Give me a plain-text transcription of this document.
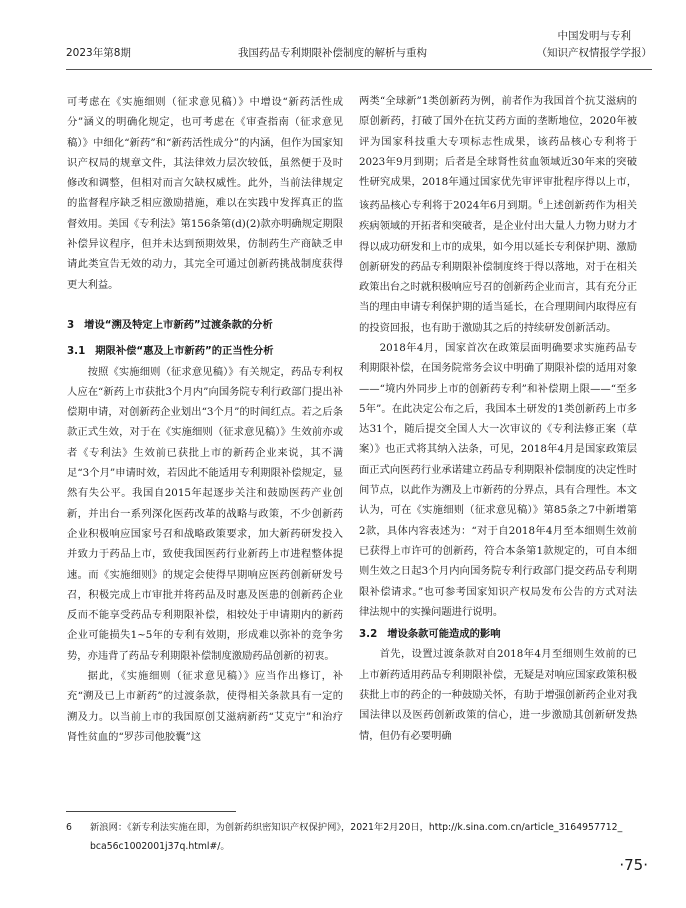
2023年第8期	我国药品专利期限补偿制度的解析与重构
中国发明与专利
（知识产权情报学学报）

可考虑在《实施细则（征求意见稿）》中增设“新药活性成分”涵义的明确化规定，也可考虑在《审查指南（征求意见稿）》中细化“新药”和“新药活性成分”的内涵，但作为国家知识产权局的规章文件，其法律效力层次较低，虽然便于及时修改和调整，但相对而言欠缺权威性。此外，当前法律规定的监督程序缺乏相应激励措施，难以在实践中发挥真正的监督效用。美国《专利法》第156条第(d)(2)款亦明确规定期限补偿异议程序，但并未达到预期效果，仿制药生产商缺乏申请此类宣告无效的动力，其完全可通过创新药挑战制度获得更大利益。

3 增设“溯及特定上市新药”过渡条款的分析

3.1 期限补偿“惠及上市新药”的正当性分析

按照《实施细则（征求意见稿）》有关规定，药品专利权人应在“新药上市获批3个月内”向国务院专利行政部门提出补偿期申请，对创新药企业划出“3个月”的时间红点。若之后条款正式生效，对于在《实施细则（征求意见稿）》生效前亦或者《专利法》生效前已获批上市的新药企业来说，其不满足“3个月”申请时效，若因此不能适用专利期限补偿规定，显然有失公平。我国自2015年起逐步关注和鼓励医药产业创新，并出台一系列深化医药改革的战略与政策，不少创新药企业积极响应国家号召和战略政策要求，加大新药研发投入并致力于药品上市，致使我国医药行业新药上市进程整体提速。而《实施细则》的规定会使得早期响应医药创新研发号召，积极完成上市审批并将药品及时惠及医患的创新药企业反而不能享受药品专利期限补偿，相较处于申请期内的新药企业可能损失1~5年的专利有效期，形成难以弥补的竞争劣势，亦违背了药品专利期限补偿制度激励药品创新的初衷。

据此，《实施细则（征求意见稿）》应当作出修订，补充“溯及已上市新药”的过渡条款，使得相关条款具有一定的溯及力。以当前上市的我国原创艾滋病新药“艾克宁”和治疗肾性贫血的“罗莎司他胶囊”这

两类“全球新”1类创新药为例，前者作为我国首个抗艾滋病的原创新药，打破了国外在抗艾药方面的垄断地位，2020年被评为国家科技重大专项标志性成果，该药品核心专利将于2023年9月到期；后者是全球肾性贫血领域近30年来的突破性研究成果，2018年通过国家优先审评审批程序得以上市，该药品核心专利将于2024年6月到期。$^6$上述创新药作为相关疾病领域的开拓者和突破者，是企业付出大量人力物力财力才得以成功研发和上市的成果，如今用以延长专利保护期、激励创新研发的药品专利期限补偿制度终于得以落地，对于在相关政策出台之时就积极响应号召的创新药企业而言，其有充分正当的理由申请专利保护期的适当延长，在合理期间内取得应有的投资回报，也有助于激励其之后的持续研发创新活动。

2018年4月，国家首次在政策层面明确要求实施药品专利期限补偿，在国务院常务会议中明确了期限补偿的适用对象——“境内外同步上市的创新药专利”和补偿期上限——“至多5年”。在此决定公布之后，我国本土研发的1类创新药上市多达31个，随后提交全国人大一次审议的《专利法修正案（草案）》也正式将其纳入法条，可见，2018年4月是国家政策层面正式向医药行业承诺建立药品专利期限补偿制度的决定性时间节点，以此作为溯及上市新药的分界点，具有合理性。本文认为，可在《实施细则（征求意见稿）》第85条之7中新增第2款，具体内容表述为：“对于自2018年4月至本细则生效前已获得上市许可的创新药，符合本条第1款规定的，可自本细则生效之日起3个月内向国务院专利行政部门提交药品专利期限补偿请求。”也可参考国家知识产权局发布公告的方式对法律法规中的实操问题进行说明。

3.2 增设条款可能造成的影响

首先，设置过渡条款对自2018年4月至细则生效前的已上市新药适用药品专利期限补偿，无疑是对响应国家政策积极获批上市的药企的一种鼓励关怀，有助于增强创新药企业对我国法律以及医药创新政策的信心，进一步激励其创新研发热情，但仍有必要明确

6 新浪网：《新专利法实施在即，为创新药织密知识产权保护网》，2021年2月20日，http://k.sina.com.cn/article_3164957712_
bca56c1002001j37q.html#/。
·75·
